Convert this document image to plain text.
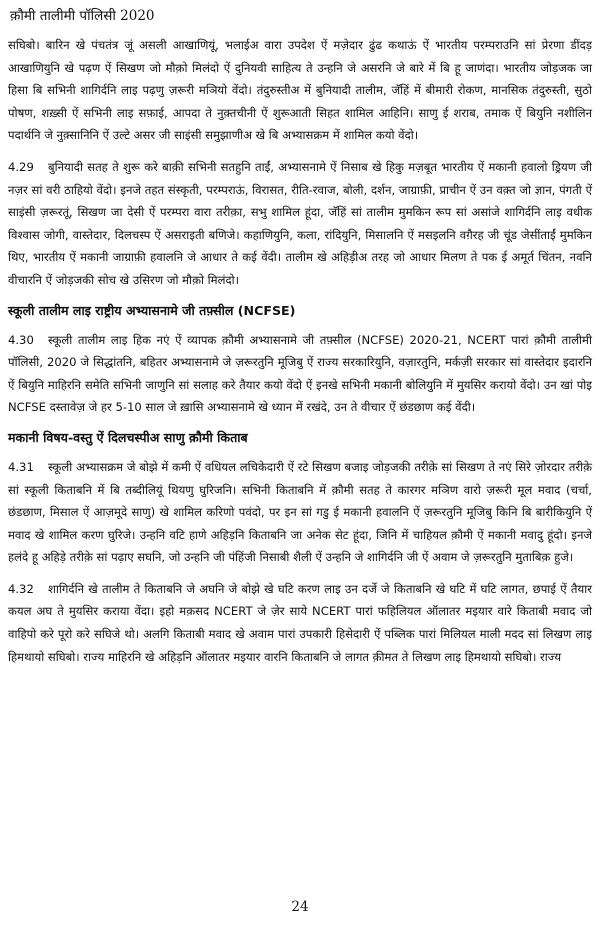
क़ौमी तालीमी पॉलिसी 2020

सघिबो। बारिन खे पंचतंत्र जूं असली आखाणियूं, भलाईअ वारा उपदेश ऐं मज़ेदार ढुंढ कथाऊं ऐं भारतीय परम्पराउनि सां प्रेरणा डींदड़ आखाणियुनि खे पढ़ण ऐं सिखण जो मौक़ो मिलंदो ऐं दुनियवी साहित्य ते उन्हनि जे असरनि जे बारे में बि हू जाणंदा। भारतीय जोड़जक जा हिसा बि सभिनी शागिर्दनि लाइ पढ़णु ज़रूरी मञियो वेंदो। तंदुरुस्तीअ में बुनियादी तालीम, जॅहिं में बीमारी रोकण, मानसिक तंदुरुस्ती, सुठो पोषण, शख़्सी ऐं सभिनी लाइ सफ़ाई, आपदा ते नुक़्तचीनी ऐं शुरूआती सिहत शामिल आहिनि। साणु ई शराब, तमाक ऐं बियुनि नशीलिन पदार्थनि जे नुक़्सानिनि ऐं उल्टे असर जी साइंसी समुझाणीअ खे बि अभ्यासक्रम में शामिल कयो वेंदो।

4.29 बुनियादी सतह ते शुरू करे बाक़ी सभिनी सतहुनि ताईं, अभ्यासनामे ऐं निसाब खे हिकु मज़बूत भारतीय ऐं मकानी हवालो ड्रियण जी नज़र सां वरी ठाहियो वेंदो। इनजे तहत संस्कृती, परम्पराऊं, विरासत, रीति-रवाज, बोली, दर्शन, जाग्राफ़ी, प्राचीन ऐं उन वक़्त जो ज्ञान, पंगती ऐं साइंसी ज़रूरतूं, सिखण जा देसी ऐं परम्परा वारा तरीक़ा, सभु शामिल हूंदा, जॅहिं सां तालीम मुमकिन रूप सां असांजे शागिर्दनि लाइ वधीक विश्वास जोगी, वास्तेदार, दिलचस्प ऐं असराइती बणिजे। कहाणियुनि, कला, रांदियुनि, मिसालनि ऐं मसइलनि वग़ैरह जी चूंड जेसींताईं मुमकिन थिए, भारतीय ऐं मकानी जाग्राफ़ी हवालनि जे आधार ते कई वेंदी। तालीम खे अहिड़ीअ तरह जो आधार मिलण ते पक ई अमूर्त चिंतन, नवनि वीचारनि ऐं जोड़जकी सोच खे उसिरण जो मौक़ो मिलंदो।

स्कूली तालीम लाइ राष्ट्रीय अभ्यासनामे जी तफ़्सील (NCFSE)

4.30 स्कूली तालीम लाइ हिक नएं ऐं व्यापक क़ौमी अभ्यासनामे जी तफ़्सील (NCFSE) 2020-21, NCERT पारां क़ौमी तालीमी पॉलिसी, 2020 जे सिद्धांतनि, बहितर अभ्यासनामे जे ज़रूरतुनि मूजिबु ऐं राज्य सरकारियुनि, वज़ारतुनि, मर्कज़ी सरकार सां वास्तेदार इदारनि ऐं बियुनि माहिरनि समेति सभिनी जाणुनि सां सलाह करे तैयार कयो वेंदो ऐं इनखे सभिनी मकानी बोलियुनि में मुयसिर करायो वेंदो। उन खां पोइ NCFSE दस्तावेज़ जे हर 5-10 साल जे ख़ासि अभ्यासनामे खे ध्यान में रखंदे, उन ते वीचार ऐं छंडछाण कई वेंदी।

मकानी विषय-वस्तु ऐं दिलचस्पीअ साणु क़ौमी किताब

4.31 स्कूली अभ्यासक्रम जे बोझे में कमी ऐं वधियल लचिकेदारी ऐं रटे सिखण बजाइ जोड़जकी तरीक़े सां सिखण ते नएं सिरे ज़ोरदार तरीक़े सां स्कूली किताबनि में बि तब्दीलियूं थियणु घुरिजनि। सभिनी किताबनि में क़ौमी सतह ते कारगर मञिण वारो ज़रूरी मूल मवाद (चर्चा, छंडछाण, मिसाल ऐं आज़मूदे साणु) खे शामिल करिणो पवंदो, पर इन सां गडु ई मकानी हवालनि ऐं ज़रूरतुनि मूजिबु किनि बि बारीकियुनि ऐं मवाद खे शामिल करण घुरिजे। उन्हनि वटि हाणे अहिड़नि किताबनि जा अनेक सेट हूंदा, जिनि में चाहियल क़ौमी ऐं मकानी मवादु हूंदो। इनजे हलंदे हू अहिड़े तरीक़े सां पढ़ाए सघनि, जो उन्हनि जी पंहिंजी निसाबी शैली ऐं उन्हनि जे शागिर्दनि जी ऐं अवाम जे ज़रूरतुनि मुताबिक़ हुजे।

4.32 शागिर्दनि खे तालीम ते किताबनि जे अघनि जे बोझे खे घटि करण लाइ उन दर्जे जे किताबनि खे घटि में घटि लागत, छपाई ऐं तैयार कयल अघ ते मुयसिर कराया वेंदा। इहो मक़सद NCERT जे ज़ेर साये NCERT पारां फहिलियल ऑलातर मइयार वारे किताबी मवाद जो वाहिपो करे पूरो करे सघिजे थो। अलगि किताबी मवाद खे अवाम पारां उपकारी हिसेदारी ऐं पब्लिक पारां मिलियल माली मदद सां लिखण लाइ हिमथायो सघिबो। राज्य माहिरनि खे अहिड़नि ऑलातर मइयार वारनि किताबनि जे लागत क़ीमत ते लिखण लाइ हिमथायो सघिबो। राज्य

24
